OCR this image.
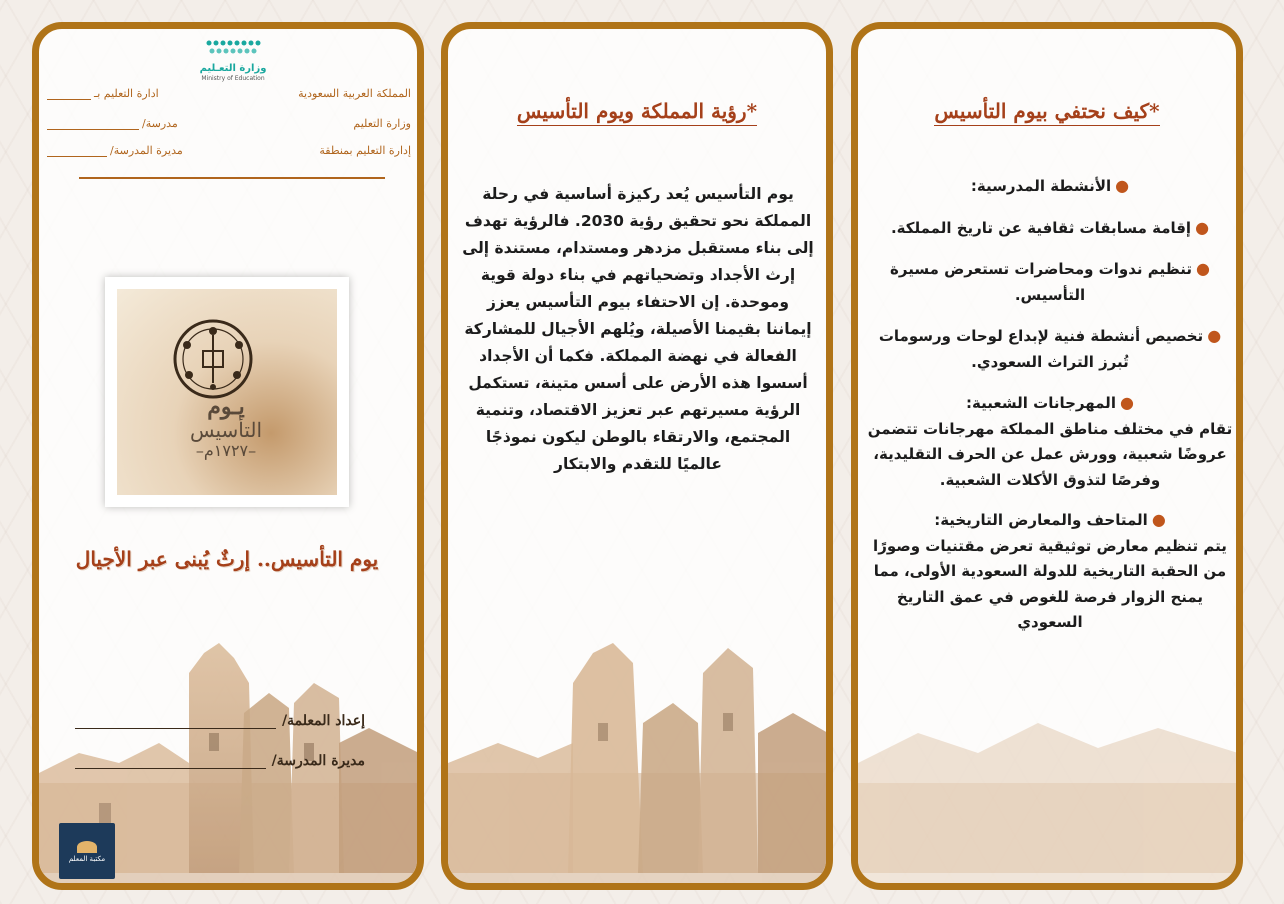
وزارة التعـليم
Ministry of Education
المملكة العربية السعودية
ادارة التعليم بـ
وزارة التعليم
مدرسة/
إدارة التعليم بمنطقة
مديرة المدرسة/
يـوم
التأسيس
–١٧٢٧م–
يوم التأسيس.. إرثٌ يُبنى عبر الأجيال
إعداد المعلمة/
مديرة المدرسة/
مكتبة المعلم
*رؤية المملكة ويوم التأسيس
يوم التأسيس يُعد ركيزة أساسية في رحلة المملكة نحو تحقيق رؤية 2030. فالرؤية تهدف إلى بناء مستقبل مزدهر ومستدام، مستندة إلى إرث الأجداد وتضحياتهم في بناء دولة قوية وموحدة. إن الاحتفاء بيوم التأسيس يعزز إيماننا بقيمنا الأصيلة، ويُلهم الأجيال للمشاركة الفعالة في نهضة المملكة. فكما أن الأجداد أسسوا هذه الأرض على أسس متينة، تستكمل الرؤية مسيرتهم عبر تعزيز الاقتصاد، وتنمية المجتمع، والارتقاء بالوطن ليكون نموذجًا عالميًا للتقدم والابتكار
*كيف نحتفي بيوم التأسيس
●الأنشطة المدرسية:
●إقامة مسابقات ثقافية عن تاريخ المملكة.
●تنظيم ندوات ومحاضرات تستعرض مسيرة التأسيس.
●تخصيص أنشطة فنية لإبداع لوحات ورسومات تُبرز التراث السعودي.
●المهرجانات الشعبية:
تقام في مختلف مناطق المملكة مهرجانات تتضمن عروضًا شعبية، وورش عمل عن الحرف التقليدية، وفرصًا لتذوق الأكلات الشعبية.
●المتاحف والمعارض التاريخية:
يتم تنظيم معارض توثيقية تعرض مقتنيات وصورًا من الحقبة التاريخية للدولة السعودية الأولى، مما يمنح الزوار فرصة للغوص في عمق التاريخ السعودي
